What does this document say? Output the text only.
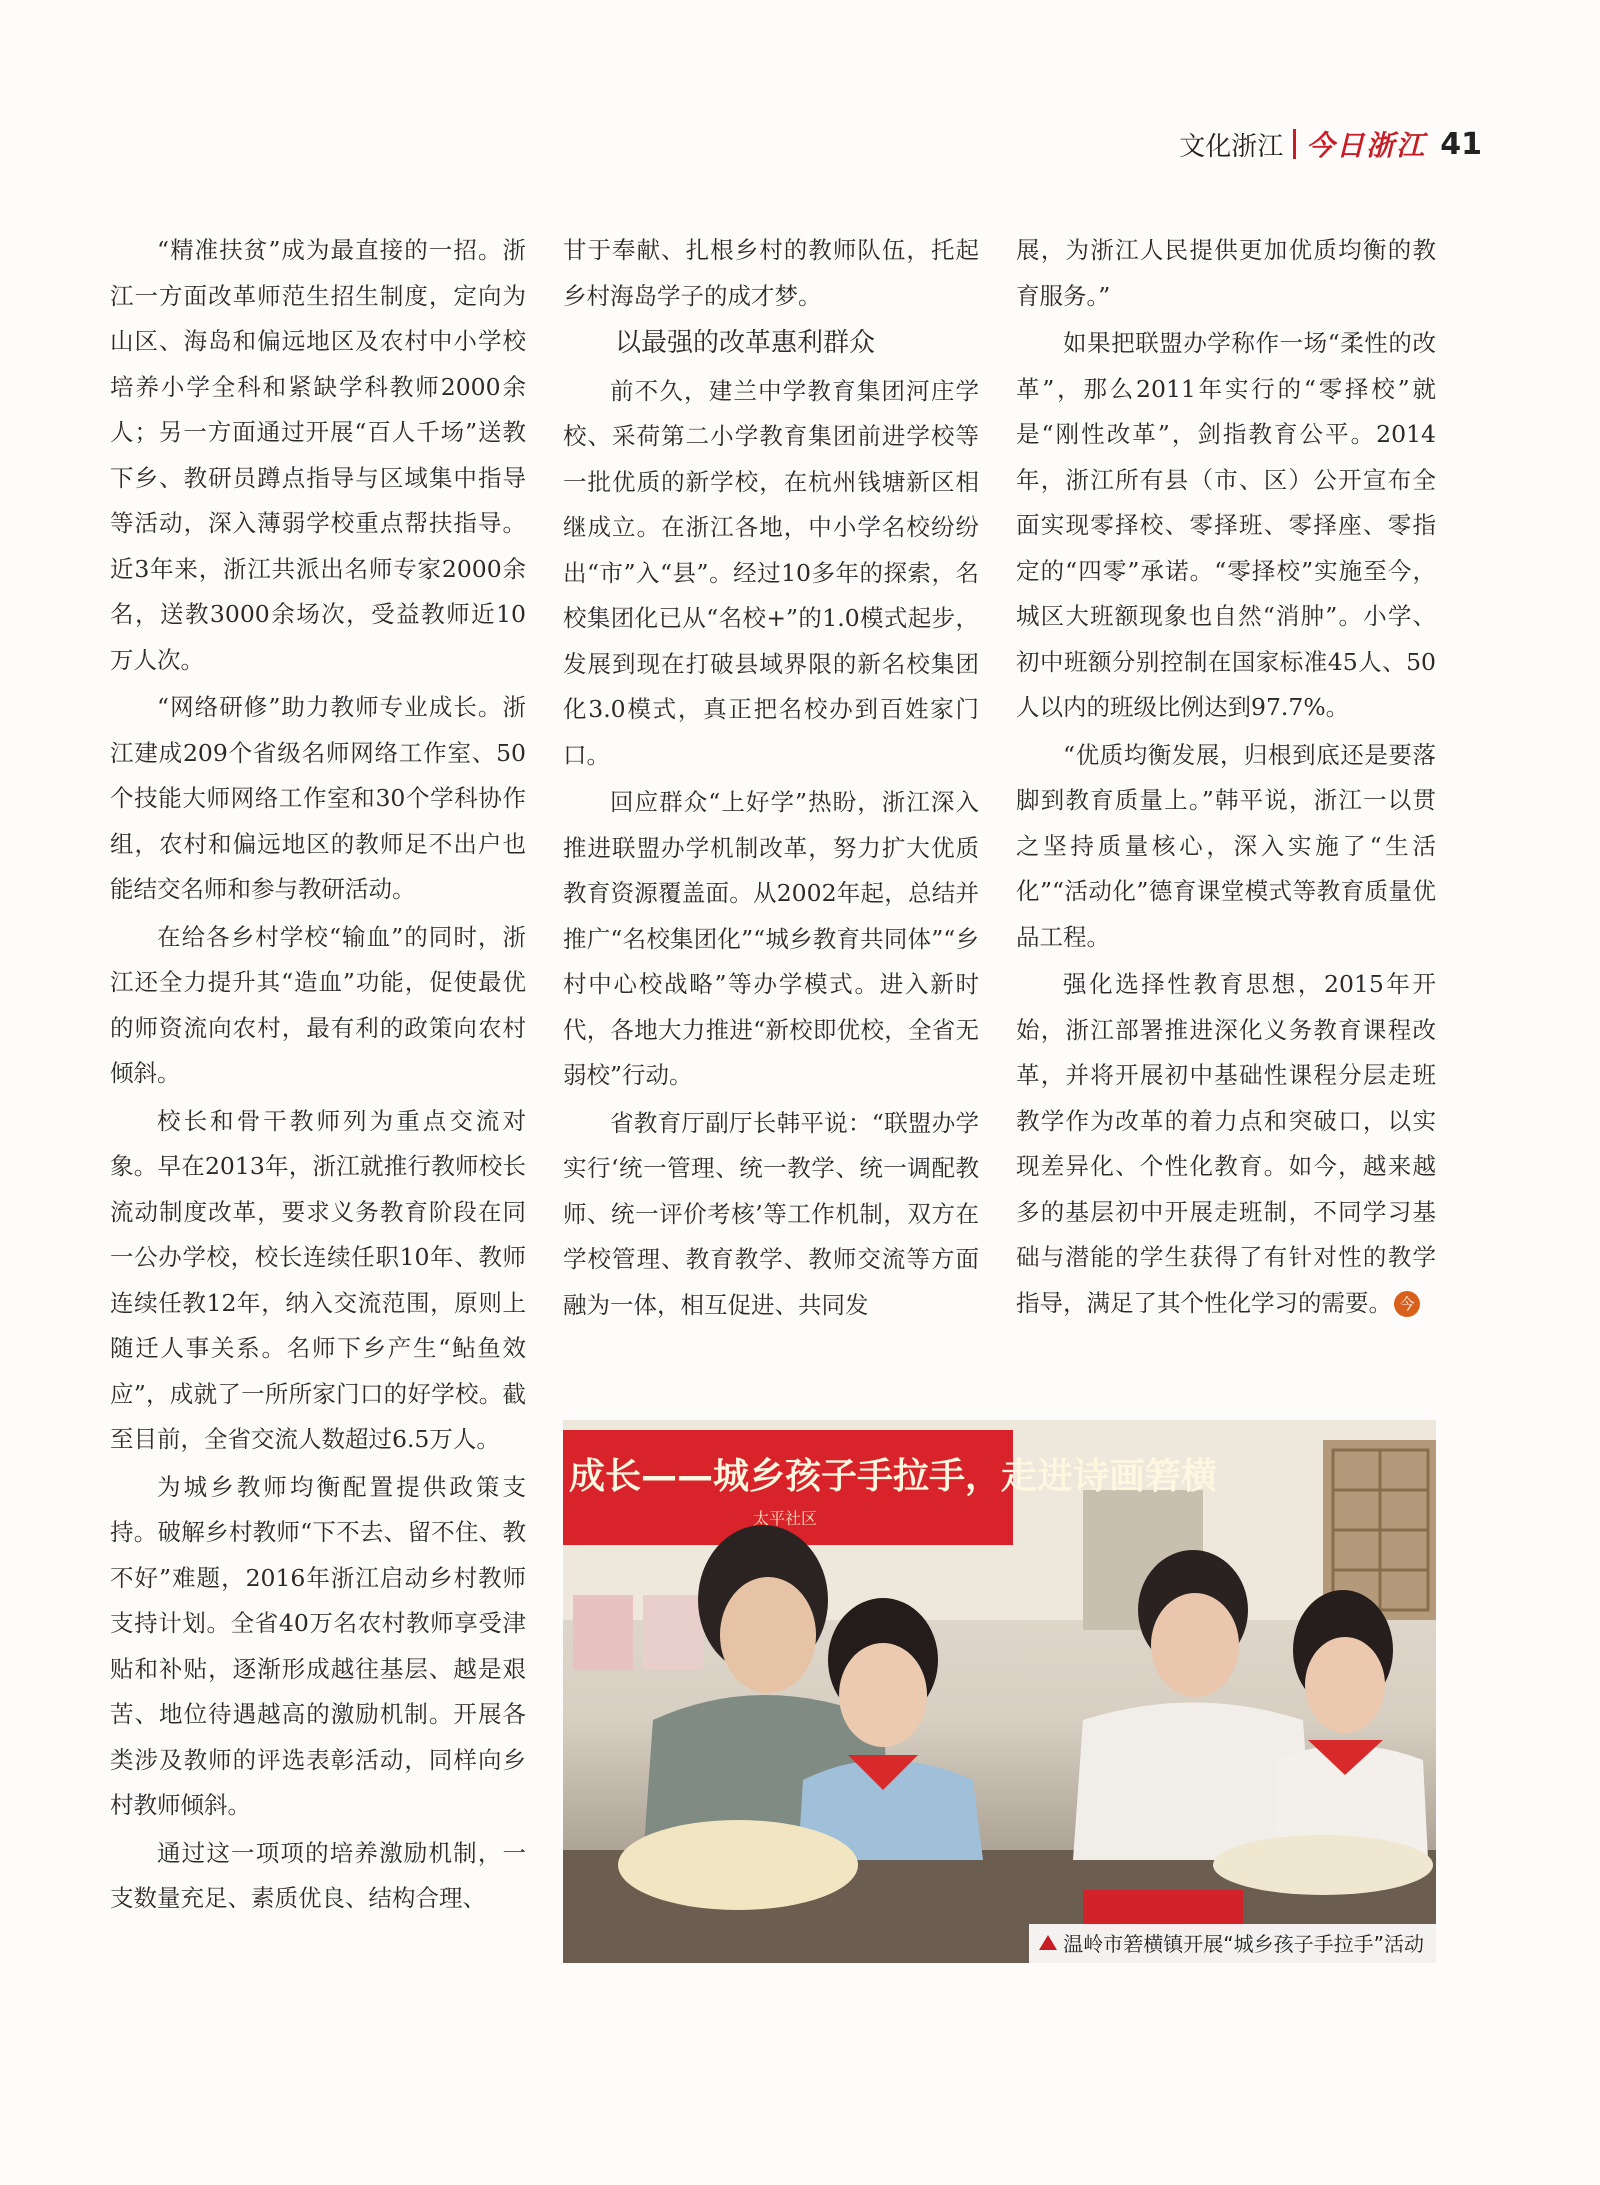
文化浙江 今日浙江 41

“精准扶贫”成为最直接的一招。浙江一方面改革师范生招生制度，定向为山区、海岛和偏远地区及农村中小学校培养小学全科和紧缺学科教师2000余人；另一方面通过开展“百人千场”送教下乡、教研员蹲点指导与区域集中指导等活动，深入薄弱学校重点帮扶指导。近3年来，浙江共派出名师专家2000余名，送教3000余场次，受益教师近10万人次。

“网络研修”助力教师专业成长。浙江建成209个省级名师网络工作室、50个技能大师网络工作室和30个学科协作组，农村和偏远地区的教师足不出户也能结交名师和参与教研活动。

在给各乡村学校“输血”的同时，浙江还全力提升其“造血”功能，促使最优的师资流向农村，最有利的政策向农村倾斜。

校长和骨干教师列为重点交流对象。早在2013年，浙江就推行教师校长流动制度改革，要求义务教育阶段在同一公办学校，校长连续任职10年、教师连续任教12年，纳入交流范围，原则上随迁人事关系。名师下乡产生“鲇鱼效应”，成就了一所所家门口的好学校。截至目前，全省交流人数超过6.5万人。

为城乡教师均衡配置提供政策支持。破解乡村教师“下不去、留不住、教不好”难题，2016年浙江启动乡村教师支持计划。全省40万名农村教师享受津贴和补贴，逐渐形成越往基层、越是艰苦、地位待遇越高的激励机制。开展各类涉及教师的评选表彰活动，同样向乡村教师倾斜。

通过这一项项的培养激励机制，一支数量充足、素质优良、结构合理、

甘于奉献、扎根乡村的教师队伍，托起乡村海岛学子的成才梦。

以最强的改革惠利群众

前不久，建兰中学教育集团河庄学校、采荷第二小学教育集团前进学校等一批优质的新学校，在杭州钱塘新区相继成立。在浙江各地，中小学名校纷纷出“市”入“县”。经过10多年的探索，名校集团化已从“名校+”的1.0模式起步，发展到现在打破县域界限的新名校集团化3.0模式，真正把名校办到百姓家门口。

回应群众“上好学”热盼，浙江深入推进联盟办学机制改革，努力扩大优质教育资源覆盖面。从2002年起，总结并推广“名校集团化”“城乡教育共同体”“乡村中心校战略”等办学模式。进入新时代，各地大力推进“新校即优校，全省无弱校”行动。

省教育厅副厅长韩平说：“联盟办学实行‘统一管理、统一教学、统一调配教师、统一评价考核’等工作机制，双方在学校管理、教育教学、教师交流等方面融为一体，相互促进、共同发

展，为浙江人民提供更加优质均衡的教育服务。”

如果把联盟办学称作一场“柔性的改革”，那么2011年实行的“零择校”就是“刚性改革”，剑指教育公平。2014年，浙江所有县（市、区）公开宣布全面实现零择校、零择班、零择座、零指定的“四零”承诺。“零择校”实施至今，城区大班额现象也自然“消肿”。小学、初中班额分别控制在国家标准45人、50人以内的班级比例达到97.7%。

“优质均衡发展，归根到底还是要落脚到教育质量上。”韩平说，浙江一以贯之坚持质量核心，深入实施了“生活化”“活动化”德育课堂模式等教育质量优品工程。

强化选择性教育思想，2015年开始，浙江部署推进深化义务教育课程改革，并将开展初中基础性课程分层走班教学作为改革的着力点和突破口，以实现差异化、个性化教育。如今，越来越多的基层初中开展走班制，不同学习基础与潜能的学生获得了有针对性的教学指导，满足了其个性化学习的需要。 今

成长——城乡孩子手拉手，走进诗画箬横
太平社区
温岭市箬横镇开展“城乡孩子手拉手”活动
